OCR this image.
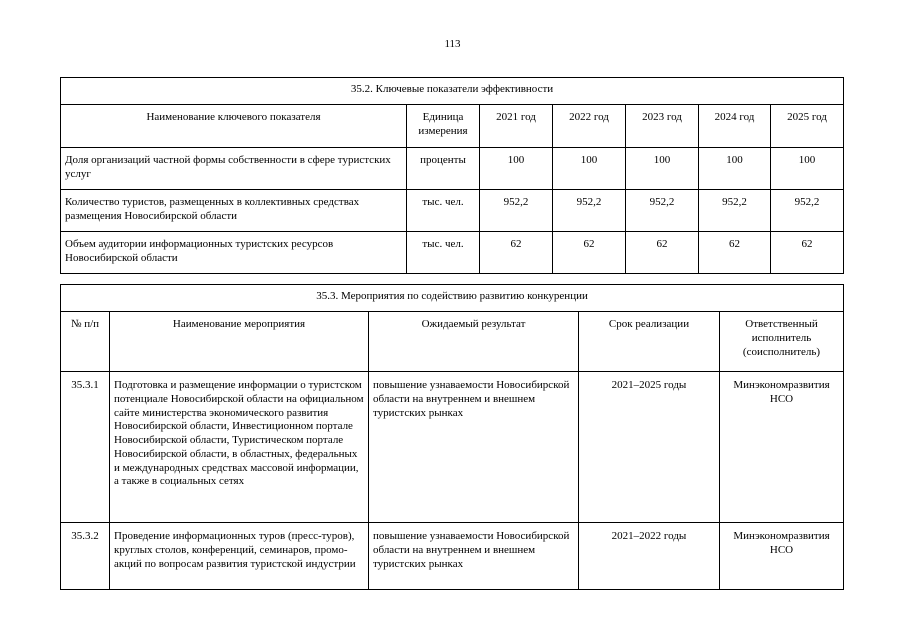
113
35.2. Ключевые показатели эффективности						
Наименование ключевого показателя	Единица измерения	2021 год	2022 год	2023 год	2024 год	2025 год
Доля организаций частной формы собственности в сфере туристских услуг	проценты	100	100	100	100	100
Количество туристов, размещенных в коллективных средствах размещения Новосибирской области	тыс. чел.	952,2	952,2	952,2	952,2	952,2
Объем аудитории информационных туристских ресурсов Новосибирской области	тыс. чел.	62	62	62	62	62
35.3. Мероприятия по содействию развитию конкуренции				
№ п/п	Наименование мероприятия	Ожидаемый результат	Срок реализации	Ответственный исполнитель (соисполнитель)
35.3.1	Подготовка и размещение информации о туристском потенциале Новосибирской области на официальном сайте министерства экономического развития Новосибирской области, Инвестиционном портале Новосибирской области, Туристическом портале Новосибирской области, в областных, федеральных и международных средствах массовой информации, а также в социальных сетях	повышение узнаваемости Новосибирской области на внутреннем и внешнем туристских рынках	2021–2025 годы	Минэкономразвития НСО
35.3.2	Проведение информационных туров (пресс-туров), круглых столов, конференций, семинаров, промо-акций по вопросам развития туристской индустрии	повышение узнаваемости Новосибирской области на внутреннем и внешнем туристских рынках	2021–2022 годы	Минэкономразвития НСО
